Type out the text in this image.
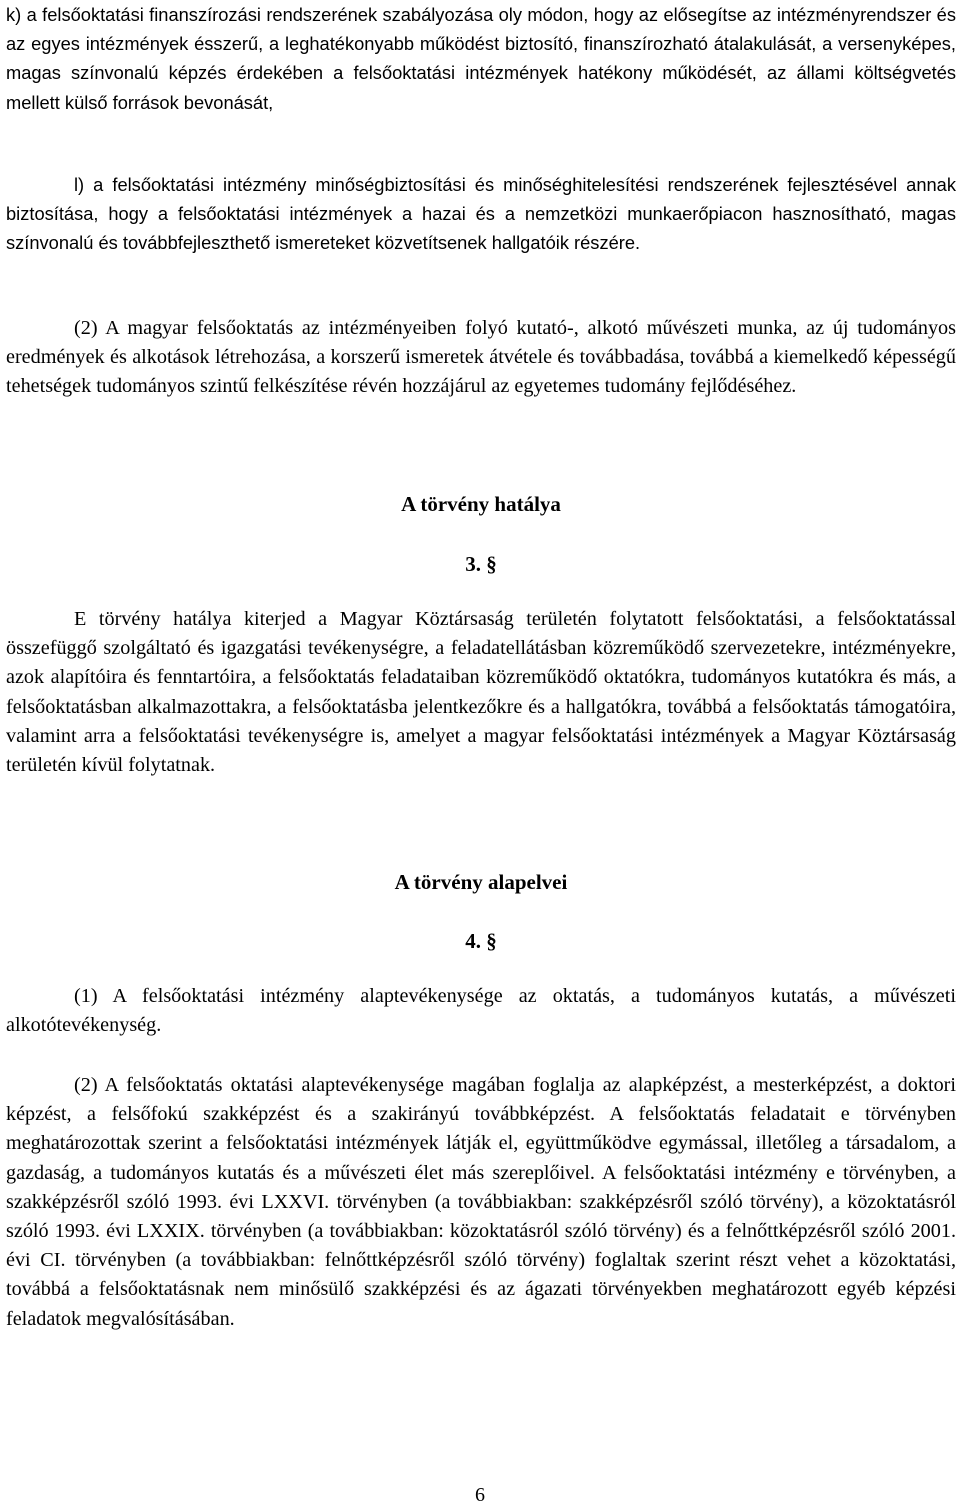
k) a felsőoktatási finanszírozási rendszerének szabályozása oly módon, hogy az elősegítse az intézményrendszer és az egyes intézmények ésszerű, a leghatékonyabb működést biztosító, finanszírozható átalakulását, a versenyképes, magas színvonalú képzés érdekében a felsőoktatási intézmények hatékony működését, az állami költségvetés mellett külső források bevonását,

l) a felsőoktatási intézmény minőségbiztosítási és minőséghitelesítési rendszerének fejlesztésével annak biztosítása, hogy a felsőoktatási intézmények a hazai és a nemzetközi munkaerőpiacon hasznosítható, magas színvonalú és továbbfejleszthető ismereteket közvetítsenek hallgatóik részére.

(2) A magyar felsőoktatás az intézményeiben folyó kutató-, alkotó művészeti munka, az új tudományos eredmények és alkotások létrehozása, a korszerű ismeretek átvétele és továbbadása, továbbá a kiemelkedő képességű tehetségek tudományos szintű felkészítése révén hozzájárul az egyetemes tudomány fejlődéséhez.

A törvény hatálya
3. §

E törvény hatálya kiterjed a Magyar Köztársaság területén folytatott felsőoktatási, a felsőoktatással összefüggő szolgáltató és igazgatási tevékenységre, a feladatellátásban közreműködő szervezetekre, intézményekre, azok alapítóira és fenntartóira, a felsőoktatás feladataiban közreműködő oktatókra, tudományos kutatókra és más, a felsőoktatásban alkalmazottakra, a felsőoktatásba jelentkezőkre és a hallgatókra, továbbá a felsőoktatás támogatóira, valamint arra a felsőoktatási tevékenységre is, amelyet a magyar felsőoktatási intézmények a Magyar Köztársaság területén kívül folytatnak.

A törvény alapelvei
4. §

(1) A felsőoktatási intézmény alaptevékenysége az oktatás, a tudományos kutatás, a művészeti alkotótevékenység.

(2) A felsőoktatás oktatási alaptevékenysége magában foglalja az alapképzést, a mesterképzést, a doktori képzést, a felsőfokú szakképzést és a szakirányú továbbképzést. A felsőoktatás feladatait e törvényben meghatározottak szerint a felsőoktatási intézmények látják el, együttműködve egymással, illetőleg a társadalom, a gazdaság, a tudományos kutatás és a művészeti élet más szereplőivel. A felsőoktatási intézmény e törvényben, a szakképzésről szóló 1993. évi LXXVI. törvényben (a továbbiakban: szakképzésről szóló törvény), a közoktatásról szóló 1993. évi LXXIX. törvényben (a továbbiakban: közoktatásról szóló törvény) és a felnőttképzésről szóló 2001. évi CI. törvényben (a továbbiakban: felnőttképzésről szóló törvény) foglaltak szerint részt vehet a közoktatási, továbbá a felsőoktatásnak nem minősülő szakképzési és az ágazati törvényekben meghatározott egyéb képzési feladatok megvalósításában.

6
